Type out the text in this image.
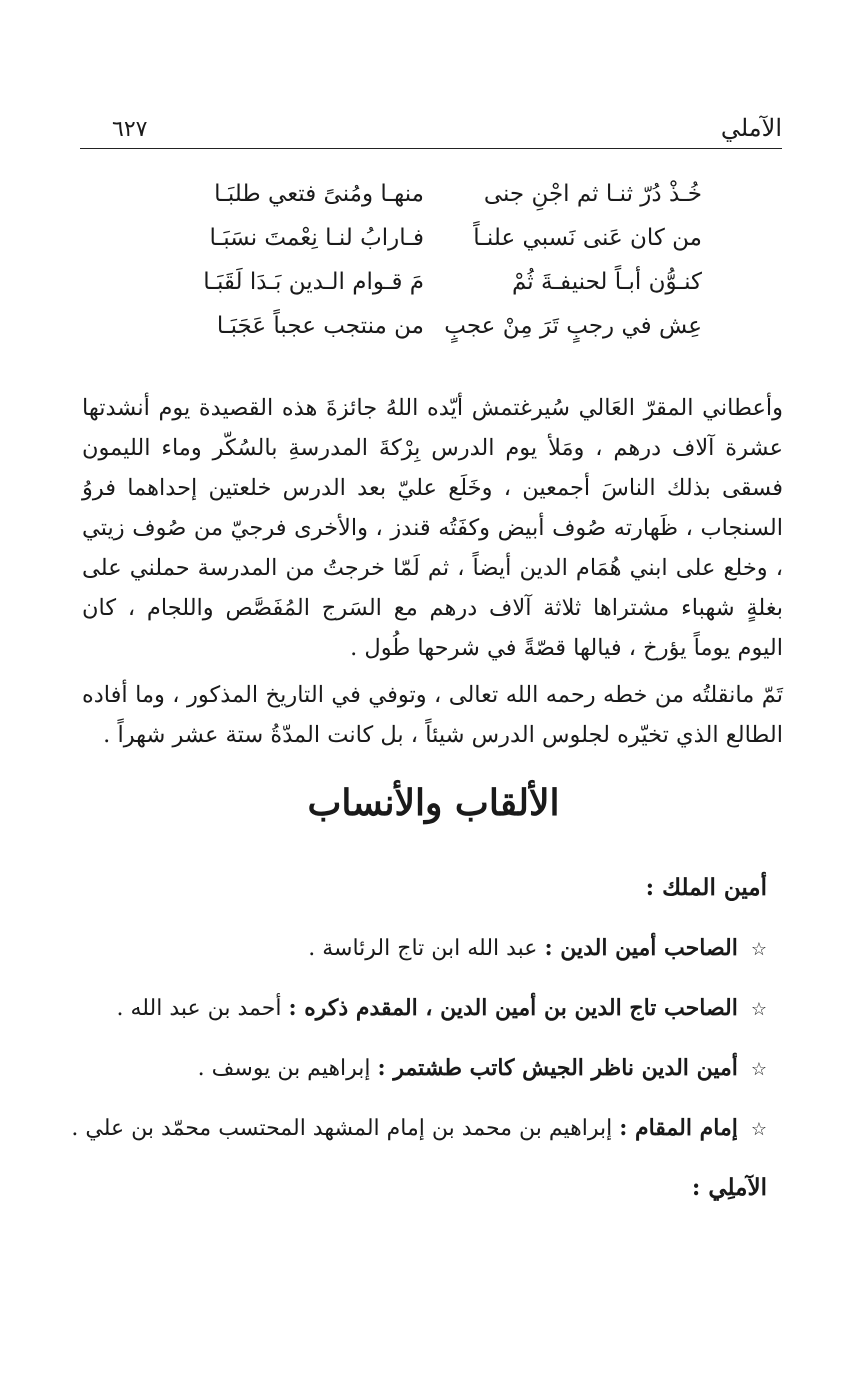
٦٢٧	الآملي
خُـذْ دُرّ ثنـا ثم اجْنِ جنى
منهـا ومُنىً فتعي طلبَـا
من كان عَنى نَسبي علنـاً
فـارابُ لنـا نِعْمتَ نسَبَـا
كنـوُّن أبـاً لحنيفـةَ ثُمْ
مَ قـوام الـدين بَـدَا لَقَبَـا
عِش في رجبٍ تَرَ مِنْ عجبٍ
من منتجب عجباً عَجَبَـا

وأعطاني المقرّ العَالي سُيرغتمش أيّده اللهُ جائزةَ هذه القصيدة يوم أنشدتها عشرة آلاف درهم ، ومَلأ يوم الدرس بِرْكةَ المدرسةِ بالسُكّر وماء الليمون فسقى بذلك الناسَ أجمعين ، وخَلَع عليّ بعد الدرس خلعتين إحداهما فروُ السنجاب ، ظَهارته صُوف أبيض وكفَتُه قندز ، والأخرى فرجيّ من صُوف زيتي ، وخلع على ابني هُمَام الدين أيضاً ، ثم لَمّا خرجتُ من المدرسة حملني على بغلةٍ شهباء مشتراها ثلاثة آلاف درهم مع السَرج المُفَصَّص واللجام ، كان اليوم يوماً يؤرخ ، فيالها قصّةً في شرحها طُول .

تَمّ مانقلتُه من خطه رحمه الله تعالى ، وتوفي في التاريخ المذكور ، وما أفاده الطالع الذي تخيّره لجلوس الدرس شيئاً ، بل كانت المدّةُ ستة عشر شهراً .

الألقاب والأنساب
أمين الملك :
☆ الصاحب أمين الدين : عبد الله ابن تاج الرئاسة .
☆ الصاحب تاج الدين بن أمين الدين ، المقدم ذكره : أحمد بن عبد الله .
☆ أمين الدين ناظر الجيش كاتب طشتمر : إبراهيم بن يوسف .
☆ إمام المقام : إبراهيم بن محمد بن إمام المشهد المحتسب محمّد بن علي .
الآملِي :
